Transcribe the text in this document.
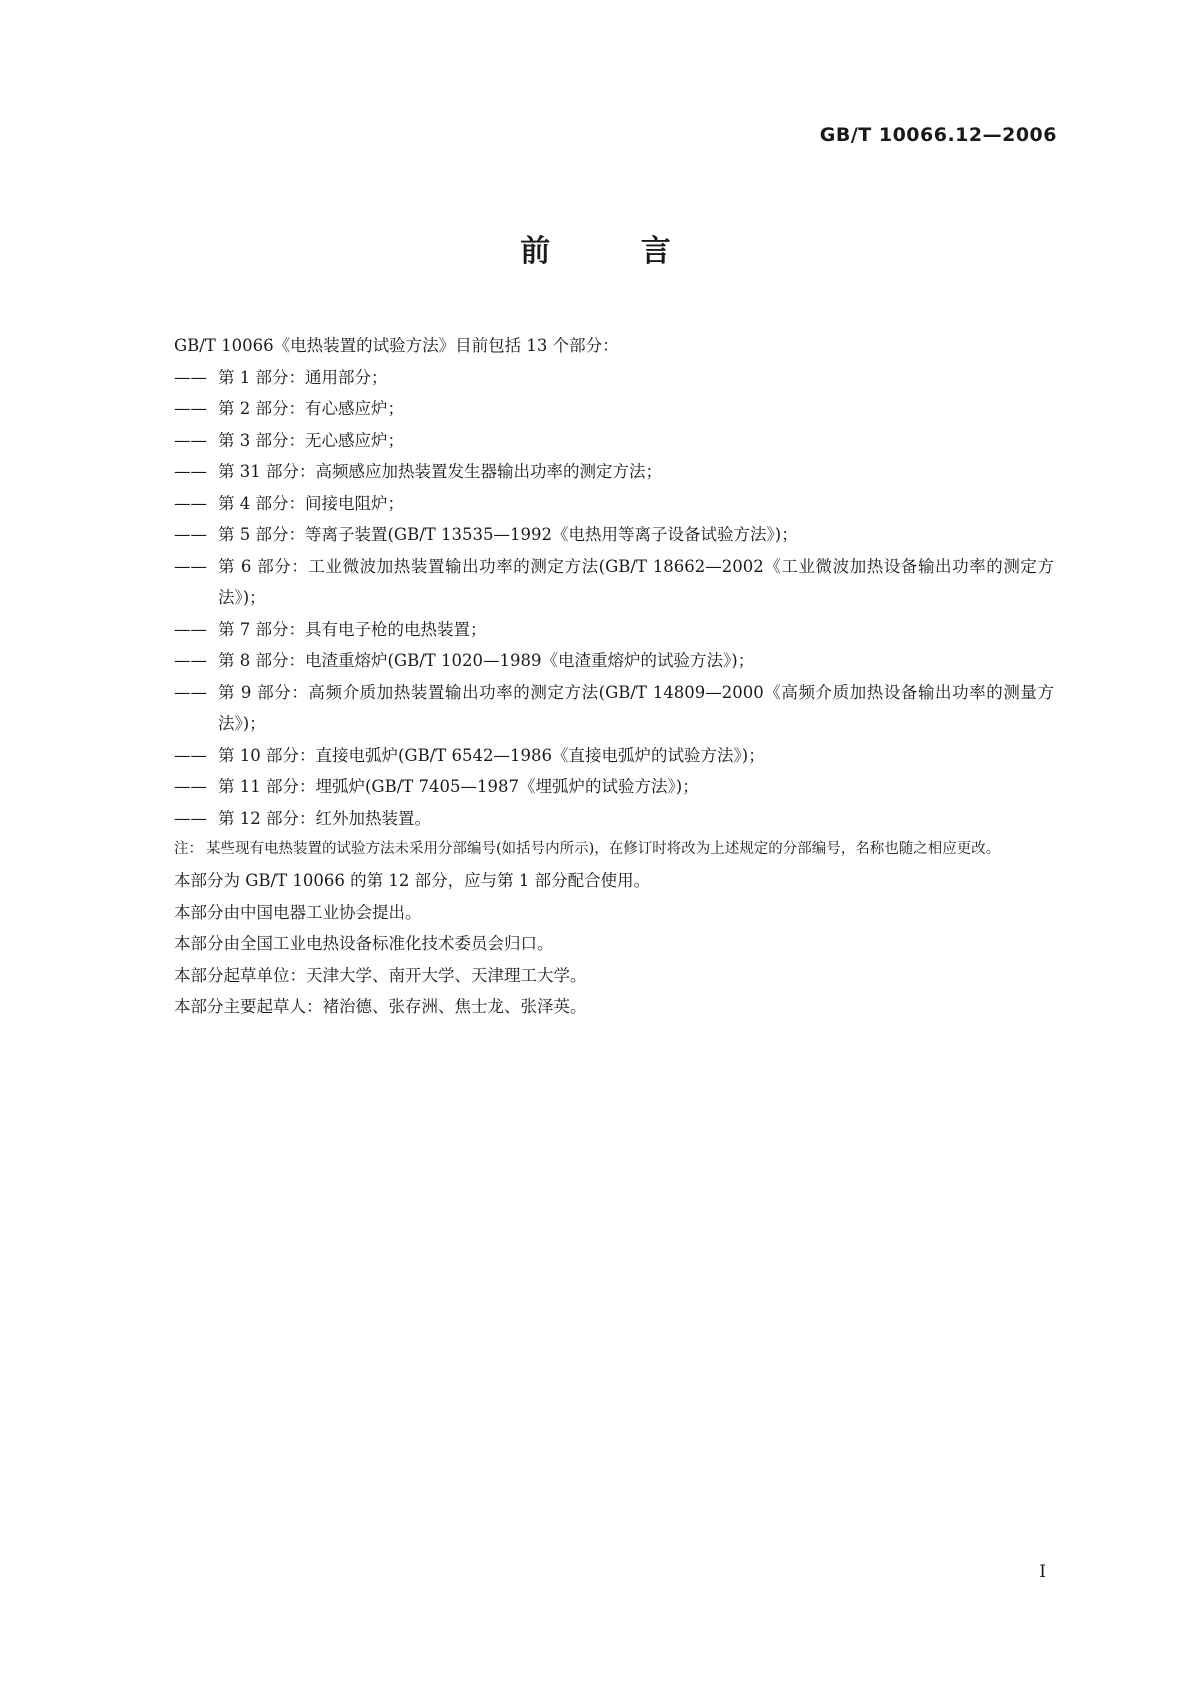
GB/T 10066.12—2006
前 言
GB/T 10066《电热装置的试验方法》目前包括 13 个部分：
—— 第 1 部分：通用部分；
—— 第 2 部分：有心感应炉；
—— 第 3 部分：无心感应炉；
—— 第 31 部分：高频感应加热装置发生器输出功率的测定方法；
—— 第 4 部分：间接电阻炉；
—— 第 5 部分：等离子装置(GB/T 13535—1992《电热用等离子设备试验方法》)；
—— 第 6 部分：工业微波加热装置输出功率的测定方法(GB/T 18662—2002《工业微波加热设备输出功率的测定方法》)；
—— 第 7 部分：具有电子枪的电热装置；
—— 第 8 部分：电渣重熔炉(GB/T 1020—1989《电渣重熔炉的试验方法》)；
—— 第 9 部分：高频介质加热装置输出功率的测定方法(GB/T 14809—2000《高频介质加热设备输出功率的测量方法》)；
—— 第 10 部分：直接电弧炉(GB/T 6542—1986《直接电弧炉的试验方法》)；
—— 第 11 部分：埋弧炉(GB/T 7405—1987《埋弧炉的试验方法》)；
—— 第 12 部分：红外加热装置。
注： 某些现有电热装置的试验方法未采用分部编号(如括号内所示)，在修订时将改为上述规定的分部编号，名称也随之相应更改。
本部分为 GB/T 10066 的第 12 部分，应与第 1 部分配合使用。
本部分由中国电器工业协会提出。
本部分由全国工业电热设备标准化技术委员会归口。
本部分起草单位：天津大学、南开大学、天津理工大学。
本部分主要起草人：褚治德、张存洲、焦士龙、张泽英。
I
